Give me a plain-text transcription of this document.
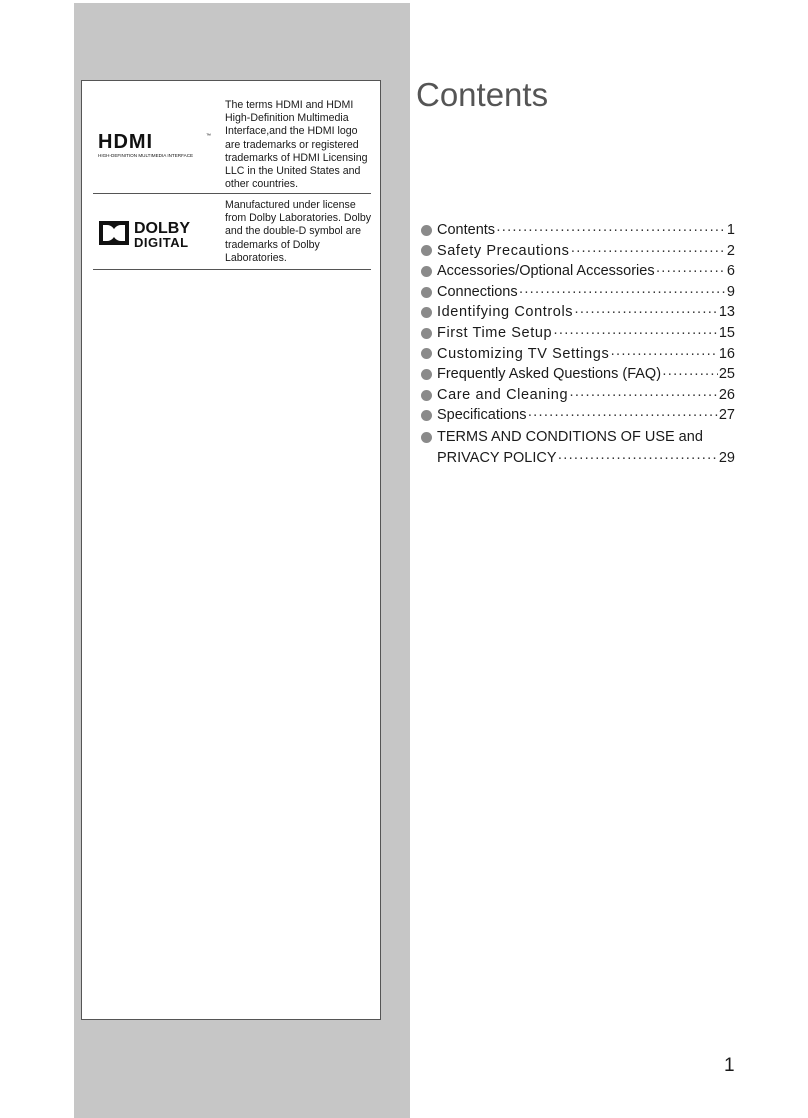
HDMI	™
HIGH-DEFINITION MULTIMEDIA INTERFACE
The terms HDMI and HDMI High-Definition Multimedia Interface,and the HDMI logo are trademarks or registered trademarks of HDMI Licensing LLC in the United States and other countries.
DOLBY
DIGITAL
Manufactured under license from Dolby Laboratories. Dolby and the double-D symbol are trademarks of Dolby Laboratories.
Contents
Contents ·····	1
Safety Precautions ·····	2
Accessories/Optional Accessories ·····	6
Connections ·····	9
Identifying Controls ·····	13
First Time Setup ·····	15
Customizing TV Settings ·····	16
Frequently Asked Questions (FAQ) ·····	25
Care and Cleaning ·····	26
Specifications ·····	27
TERMS AND CONDITIONS OF USE and
PRIVACY POLICY ·····	29
1
